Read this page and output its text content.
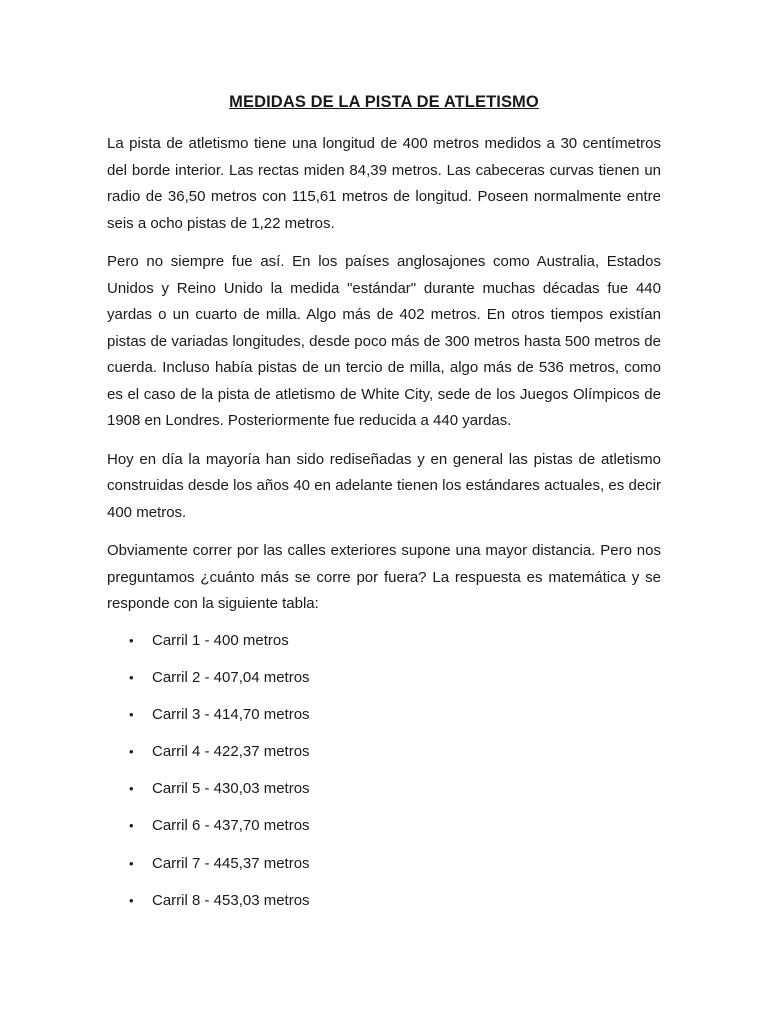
MEDIDAS DE LA PISTA DE ATLETISMO

La pista de atletismo tiene una longitud de 400 metros medidos a 30 centímetros del borde interior. Las rectas miden 84,39 metros. Las cabeceras curvas tienen un radio de 36,50 metros con 115,61 metros de longitud. Poseen normalmente entre seis a ocho pistas de 1,22 metros.

Pero no siempre fue así. En los países anglosajones como Australia, Estados Unidos y Reino Unido la medida "estándar" durante muchas décadas fue 440 yardas o un cuarto de milla. Algo más de 402 metros. En otros tiempos existían pistas de variadas longitudes, desde poco más de 300 metros hasta 500 metros de cuerda. Incluso había pistas de un tercio de milla, algo más de 536 metros, como es el caso de la pista de atletismo de White City, sede de los Juegos Olímpicos de 1908 en Londres. Posteriormente fue reducida a 440 yardas.

Hoy en día la mayoría han sido rediseñadas y en general las pistas de atletismo construidas desde los años 40 en adelante tienen los estándares actuales, es decir 400 metros.

Obviamente correr por las calles exteriores supone una mayor distancia. Pero nos preguntamos ¿cuánto más se corre por fuera? La respuesta es matemática y se responde con la siguiente tabla:

• Carril 1 - 400 metros
• Carril 2 - 407,04 metros
• Carril 3 - 414,70 metros
• Carril 4 - 422,37 metros
• Carril 5 - 430,03 metros
• Carril 6 - 437,70 metros
• Carril 7 - 445,37 metros
• Carril 8 - 453,03 metros
